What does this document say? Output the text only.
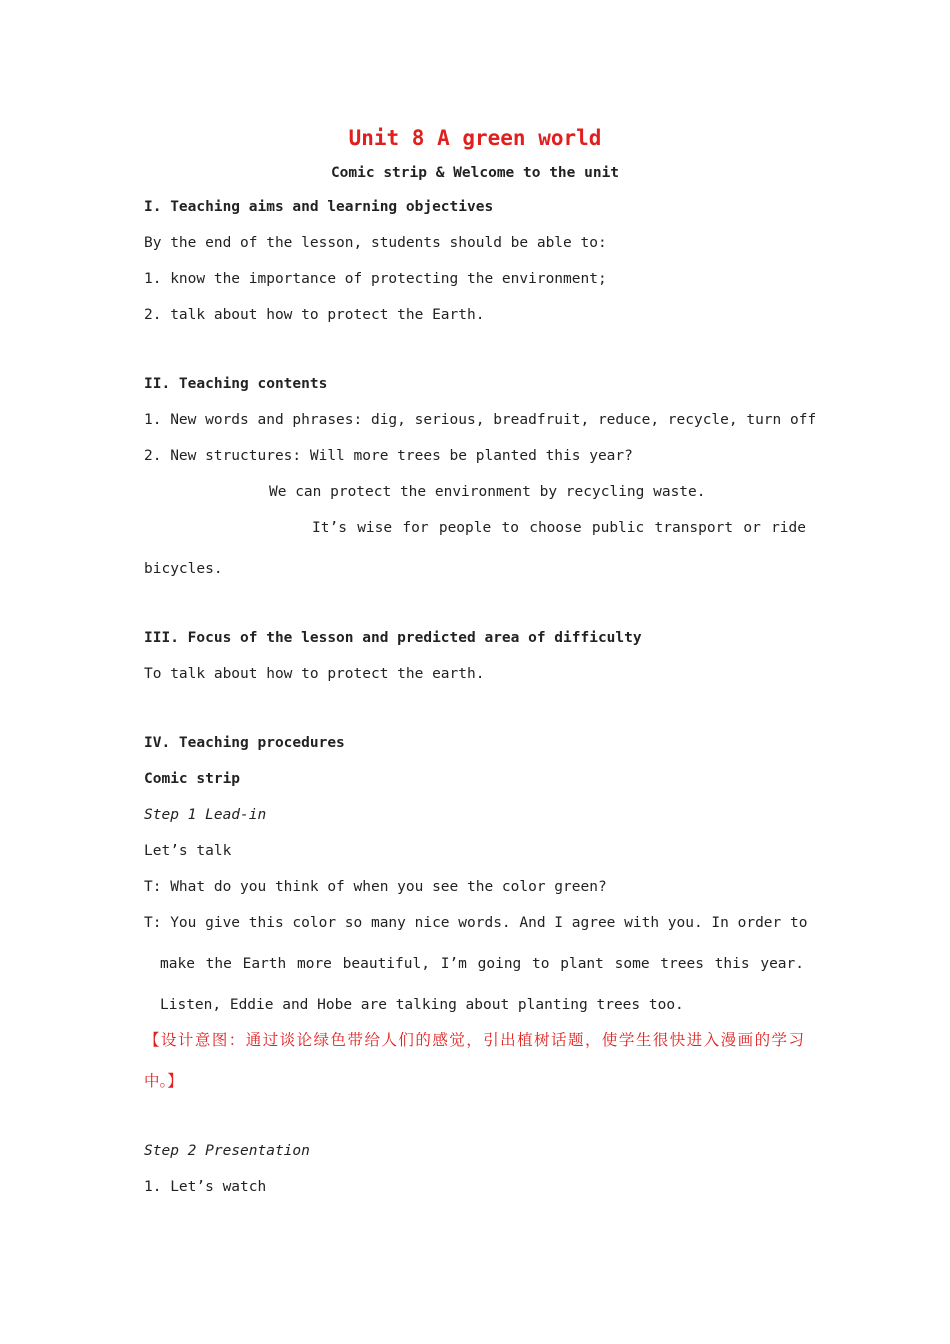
Unit 8 A green world
Comic strip & Welcome to the unit
I. Teaching aims and learning objectives
By the end of the lesson, students should be able to:
1. know the importance of protecting the environment;
2. talk about how to protect the Earth.
II. Teaching contents
1. New words and phrases: dig, serious, breadfruit, reduce, recycle, turn off
2. New structures: Will more trees be planted this year?
We can protect the environment by recycling waste.
It’s wise for people to choose public transport or ride
bicycles.
III. Focus of the lesson and predicted area of difficulty
To talk about how to protect the earth.
IV. Teaching procedures
Comic strip
Step 1 Lead-in
Let’s talk
T: What do you think of when you see the color green?
T: You give this color so many nice words. And I agree with you. In order to
make the Earth more beautiful, I’m going to plant some trees this year.
Listen, Eddie and Hobe are talking about planting trees too.
【设计意图：通过谈论绿色带给人们的感觉，引出植树话题，使学生很快进入漫画的学习
中。】
Step 2 Presentation
1. Let’s watch
